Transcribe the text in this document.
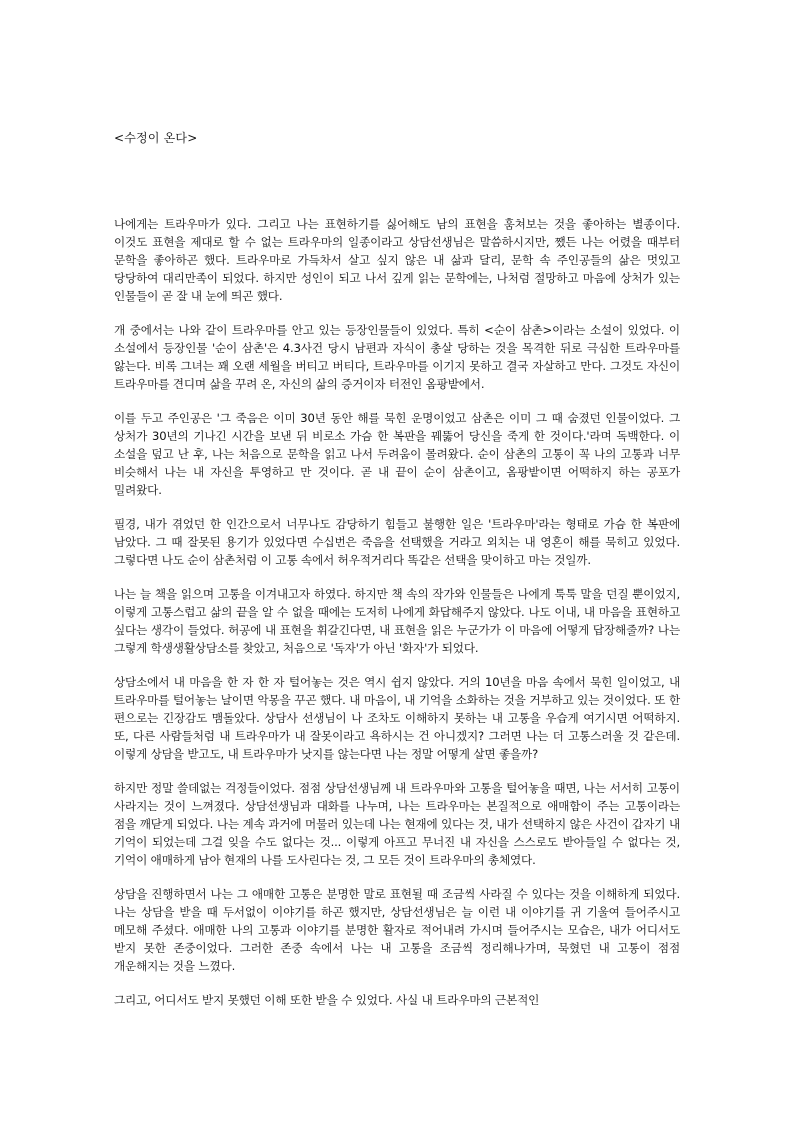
<수정이 온다>

나에게는 트라우마가 있다. 그리고 나는 표현하기를 싫어해도 남의 표현을 훔쳐보는 것을 좋아하는 별종이다. 이것도 표현을 제대로 할 수 없는 트라우마의 일종이라고 상담선생님은 말씀하시지만, 쨌든 나는 어렸을 때부터 문학을 좋아하곤 했다. 트라우마로 가득차서 살고 싶지 않은 내 삶과 달리, 문학 속 주인공들의 삶은 멋있고 당당하여 대리만족이 되었다. 하지만 성인이 되고 나서 깊게 읽는 문학에는, 나처럼 절망하고 마음에 상처가 있는 인물들이 곧 잘 내 눈에 띄곤 했다.

개 중에서는 나와 같이 트라우마를 안고 있는 등장인물들이 있었다. 특히 <순이 삼촌>이라는 소설이 있었다. 이 소설에서 등장인물 '순이 삼촌'은 4.3사건 당시 남편과 자식이 총살 당하는 것을 목격한 뒤로 극심한 트라우마를 앓는다. 비록 그녀는 꽤 오랜 세월을 버티고 버티다, 트라우마를 이기지 못하고 결국 자살하고 만다. 그것도 자신이 트라우마를 견디며 삶을 꾸려 온, 자신의 삶의 증거이자 터전인 옴팡밭에서.

이를 두고 주인공은 '그 죽음은 이미 30년 동안 해를 묵힌 운명이었고 삼촌은 이미 그 때 숨졌던 인물이었다. 그 상처가 30년의 기나긴 시간을 보낸 뒤 비로소 가슴 한 복판을 꿰뚫어 당신을 죽게 한 것이다.'라며 독백한다. 이 소설을 덮고 난 후, 나는 처음으로 문학을 읽고 나서 두려움이 몰려왔다. 순이 삼촌의 고통이 꼭 나의 고통과 너무 비슷해서 나는 내 자신을 투영하고 만 것이다. 곧 내 끝이 순이 삼촌이고, 옴팡밭이면 어떡하지 하는 공포가 밀려왔다.

필경, 내가 겪었던 한 인간으로서 너무나도 감당하기 힘들고 불행한 일은 '트라우마'라는 형태로 가슴 한 복판에 남았다. 그 때 잘못된 용기가 있었다면 수십번은 죽음을 선택했을 거라고 외치는 내 영혼이 해를 묵히고 있었다. 그렇다면 나도 순이 삼촌처럼 이 고통 속에서 허우적거리다 똑같은 선택을 맞이하고 마는 것일까.

나는 늘 책을 읽으며 고통을 이겨내고자 하였다. 하지만 책 속의 작가와 인물들은 나에게 툭툭 말을 던질 뿐이었지, 이렇게 고통스럽고 삶의 끝을 알 수 없을 때에는 도저히 나에게 화답해주지 않았다. 나도 이내, 내 마음을 표현하고 싶다는 생각이 들었다. 허공에 내 표현을 휘갈긴다면, 내 표현을 읽은 누군가가 이 마음에 어떻게 답장해줄까? 나는 그렇게 학생생활상담소를 찾았고, 처음으로 '독자'가 아닌 '화자'가 되었다.

상담소에서 내 마음을 한 자 한 자 털어놓는 것은 역시 쉽지 않았다. 거의 10년을 마음 속에서 묵힌 일이었고, 내 트라우마를 털어놓는 날이면 악몽을 꾸곤 했다. 내 마음이, 내 기억을 소화하는 것을 거부하고 있는 것이었다. 또 한 편으로는 긴장감도 맴돌았다. 상담사 선생님이 나 조차도 이해하지 못하는 내 고통을 우습게 여기시면 어떡하지. 또, 다른 사람들처럼 내 트라우마가 내 잘못이라고 욕하시는 건 아니겠지? 그러면 나는 더 고통스러울 것 같은데. 이렇게 상담을 받고도, 내 트라우마가 낫지를 않는다면 나는 정말 어떻게 살면 좋을까?

하지만 정말 쓸데없는 걱정들이었다. 점점 상담선생님께 내 트라우마와 고통을 털어놓을 때면, 나는 서서히 고통이 사라지는 것이 느껴졌다. 상담선생님과 대화를 나누며, 나는 트라우마는 본질적으로 애매함이 주는 고통이라는 점을 깨닫게 되었다. 나는 계속 과거에 머물러 있는데 나는 현재에 있다는 것, 내가 선택하지 않은 사건이 갑자기 내 기억이 되었는데 그걸 잊을 수도 없다는 것... 이렇게 아프고 무너진 내 자신을 스스로도 받아들일 수 없다는 것, 기억이 애매하게 남아 현재의 나를 도사린다는 것, 그 모든 것이 트라우마의 총체였다.

상담을 진행하면서 나는 그 애매한 고통은 분명한 말로 표현될 때 조금씩 사라질 수 있다는 것을 이해하게 되었다. 나는 상담을 받을 때 두서없이 이야기를 하곤 했지만, 상담선생님은 늘 이런 내 이야기를 귀 기울여 들어주시고 메모해 주셨다. 애매한 나의 고통과 이야기를 분명한 활자로 적어내려 가시며 들어주시는 모습은, 내가 어디서도 받지 못한 존중이었다. 그러한 존중 속에서 나는 내 고통을 조금씩 정리해나가며, 묵혔던 내 고통이 점점 개운해지는 것을 느꼈다.

그리고, 어디서도 받지 못했던 이해 또한 받을 수 있었다. 사실 내 트라우마의 근본적인
